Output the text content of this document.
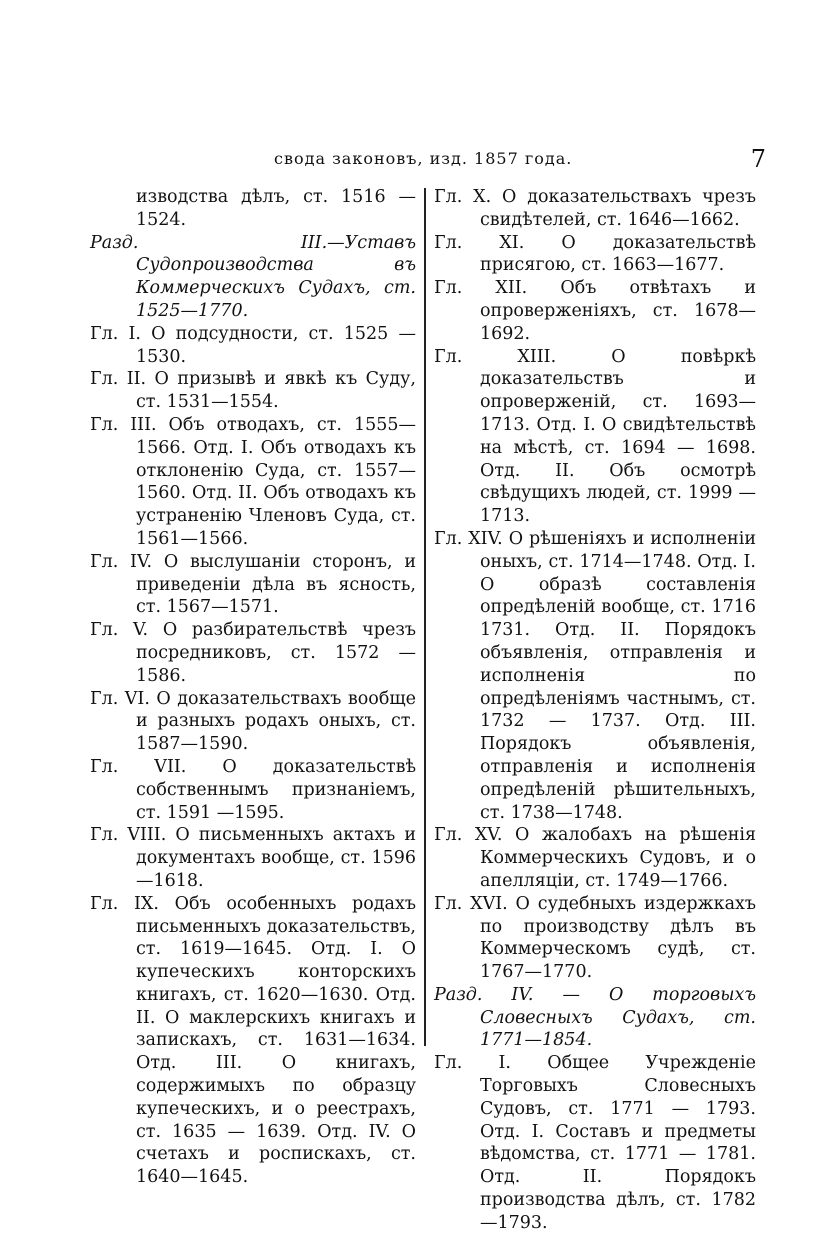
свода законовъ, изд. 1857 года.	7
изводства дѣлъ, ст. 1516 — 1524.
Разд. III.—Уставъ Судопроизводства въ Коммерческихъ Судахъ, ст. 1525—1770.
Гл. I. О подсудности, ст. 1525 — 1530.
Гл. II. О призывѣ и явкѣ къ Суду, ст. 1531—1554.
Гл. III. Объ отводахъ, ст. 1555—1566. Отд. I. Объ отводахъ къ отклоненію Суда, ст. 1557—1560. Отд. II. Объ отводахъ къ устраненію Членовъ Суда, ст. 1561—1566.
Гл. IV. О выслушаніи сторонъ, и приведеніи дѣла въ ясность, ст. 1567—1571.
Гл. V. О разбирательствѣ чрезъ посредниковъ, ст. 1572 — 1586.
Гл. VI. О доказательствахъ вообще и разныхъ родахъ оныхъ, ст. 1587—1590.
Гл. VII. О доказательствѣ собственнымъ признаніемъ, ст. 1591 —1595.
Гл. VIII. О письменныхъ актахъ и документахъ вообще, ст. 1596—1618.
Гл. IX. Объ особенныхъ родахъ письменныхъ доказательствъ, ст. 1619—1645. Отд. I. О купеческихъ конторскихъ книгахъ, ст. 1620—1630. Отд. II. О маклерскихъ книгахъ и запискахъ, ст. 1631—1634. Отд. III. О книгахъ, содержимыхъ по образцу купеческихъ, и о реестрахъ, ст. 1635 — 1639. Отд. IV. О счетахъ и роспискахъ, ст. 1640—1645.
Гл. X. О доказательствахъ чрезъ свидѣтелей, ст. 1646—1662.
Гл. XI. О доказательствѣ присягою, ст. 1663—1677.
Гл. XII. Объ отвѣтахъ и опроверженіяхъ, ст. 1678—1692.
Гл. XIII. О повѣркѣ доказательствъ и опроверженій, ст. 1693—1713. Отд. I. О свидѣтельствѣ на мѣстѣ, ст. 1694 — 1698. Отд. II. Объ осмотрѣ свѣдущихъ людей, ст. 1999 — 1713.
Гл. XIV. О рѣшеніяхъ и исполненіи оныхъ, ст. 1714—1748. Отд. I. О образѣ составленія опредѣленій вообще, ст. 1716 1731. Отд. II. Порядокъ объявленія, отправленія и исполненія по опредѣленіямъ частнымъ, ст. 1732 — 1737. Отд. III. Порядокъ объявленія, отправленія и исполненія опредѣленій рѣшительныхъ, ст. 1738—1748.
Гл. XV. О жалобахъ на рѣшенія Коммерческихъ Судовъ, и о апелляціи, ст. 1749—1766.
Гл. XVI. О судебныхъ издержкахъ по производству дѣлъ въ Коммерческомъ судѣ, ст. 1767—1770.
Разд. IV. — О торговыхъ Словесныхъ Судахъ, ст. 1771—1854.
Гл. I. Общее Учрежденіе Торговыхъ Словесныхъ Судовъ, ст. 1771 — 1793. Отд. I. Составъ и предметы вѣдомства, ст. 1771 — 1781. Отд. II. Порядокъ производства дѣлъ, ст. 1782—1793.
